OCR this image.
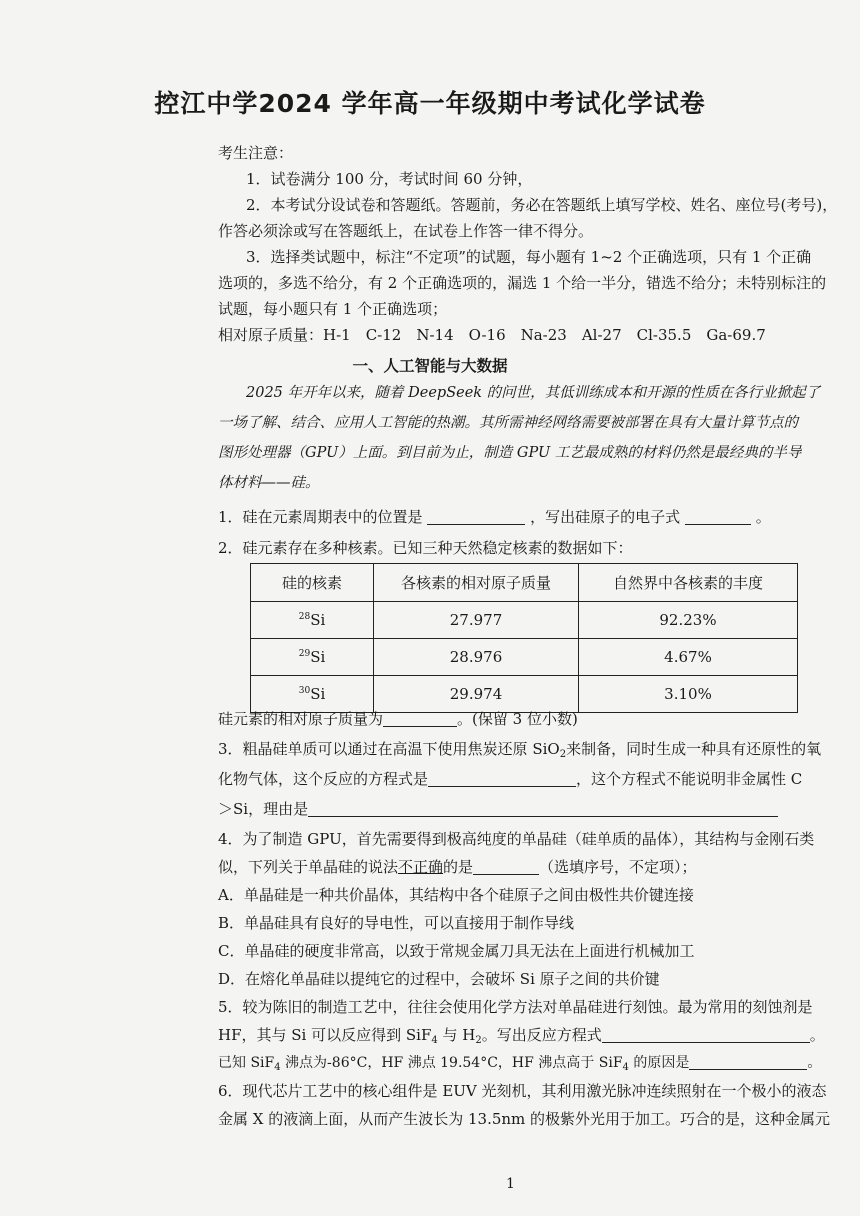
控江中学2024 学年高一年级期中考试化学试卷
考生注意：
1．试卷满分 100 分，考试时间 60 分钟，
2．本考试分设试卷和答题纸。答题前，务必在答题纸上填写学校、姓名、座位号(考号)，
作答必须涂或写在答题纸上，在试卷上作答一律不得分。
3．选择类试题中，标注“不定项”的试题，每小题有 1~2 个正确选项，只有 1 个正确
选项的，多选不给分，有 2 个正确选项的，漏选 1 个给一半分，错选不给分；未特别标注的
试题，每小题只有 1 个正确选项；
相对原子质量：H-1　C-12　N-14　O-16　Na-23　Al-27　Cl-35.5　Ga-69.7
一、人工智能与大数据
2025 年开年以来，随着 DeepSeek 的问世，其低训练成本和开源的性质在各行业掀起了
一场了解、结合、应用人工智能的热潮。其所需神经网络需要被部署在具有大量计算节点的
图形处理器（GPU）上面。到目前为止，制造 GPU 工艺最成熟的材料仍然是最经典的半导
体材料——硅。
1．硅在元素周期表中的位置是	，写出硅原子的电子式	。
2．硅元素存在多种核素。已知三种天然稳定核素的数据如下：
硅的核素	各核素的相对原子质量	自然界中各核素的丰度
$^{28}$Si	27.977	92.23%
$^{29}$Si	28.976	4.67%
$^{30}$Si	29.974	3.10%
硅元素的相对原子质量为	。(保留 3 位小数)
3．粗晶硅单质可以通过在高温下使用焦炭还原 SiO$_2$来制备，同时生成一种具有还原性的氧
化物气体，这个反应的方程式是	，这个方程式不能说明非金属性 C
＞Si，理由是
4．为了制造 GPU，首先需要得到极高纯度的单晶硅（硅单质的晶体），其结构与金刚石类
似，下列关于单晶硅的说法不正确的是	（选填序号，不定项）；
A．单晶硅是一种共价晶体，其结构中各个硅原子之间由极性共价键连接
B．单晶硅具有良好的导电性，可以直接用于制作导线
C．单晶硅的硬度非常高，以致于常规金属刀具无法在上面进行机械加工
D．在熔化单晶硅以提纯它的过程中，会破坏 Si 原子之间的共价键
5．较为陈旧的制造工艺中，往往会使用化学方法对单晶硅进行刻蚀。最为常用的刻蚀剂是
HF，其与 Si 可以反应得到 SiF$_4$ 与 $H_2$。写出反应方程式	。
已知 SiF$_4$ 沸点为-86°C，HF 沸点 19.54°C，HF 沸点高于 SiF$_4$ 的原因是	。
6．现代芯片工艺中的核心组件是 EUV 光刻机，其利用激光脉冲连续照射在一个极小的液态
金属 X 的液滴上面，从而产生波长为 13.5nm 的极紫外光用于加工。巧合的是，这种金属元
1
